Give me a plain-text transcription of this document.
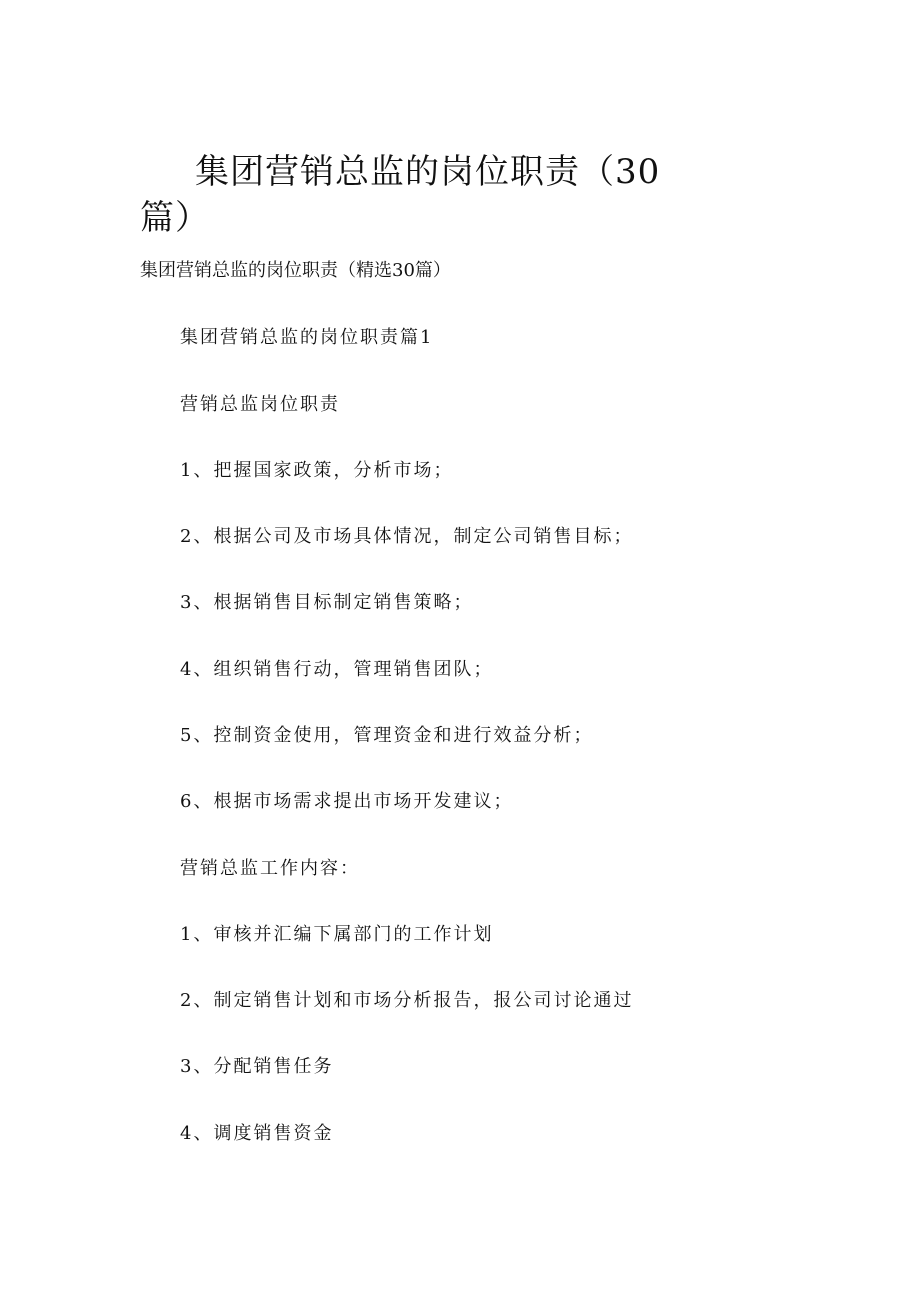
集团营销总监的岗位职责（30
篇）
集团营销总监的岗位职责（精选30篇）
集团营销总监的岗位职责篇1
营销总监岗位职责
1、把握国家政策，分析市场；
2、根据公司及市场具体情况，制定公司销售目标；
3、根据销售目标制定销售策略；
4、组织销售行动，管理销售团队；
5、控制资金使用，管理资金和进行效益分析；
6、根据市场需求提出市场开发建议；
营销总监工作内容：
1、审核并汇编下属部门的工作计划
2、制定销售计划和市场分析报告，报公司讨论通过
3、分配销售任务
4、调度销售资金
